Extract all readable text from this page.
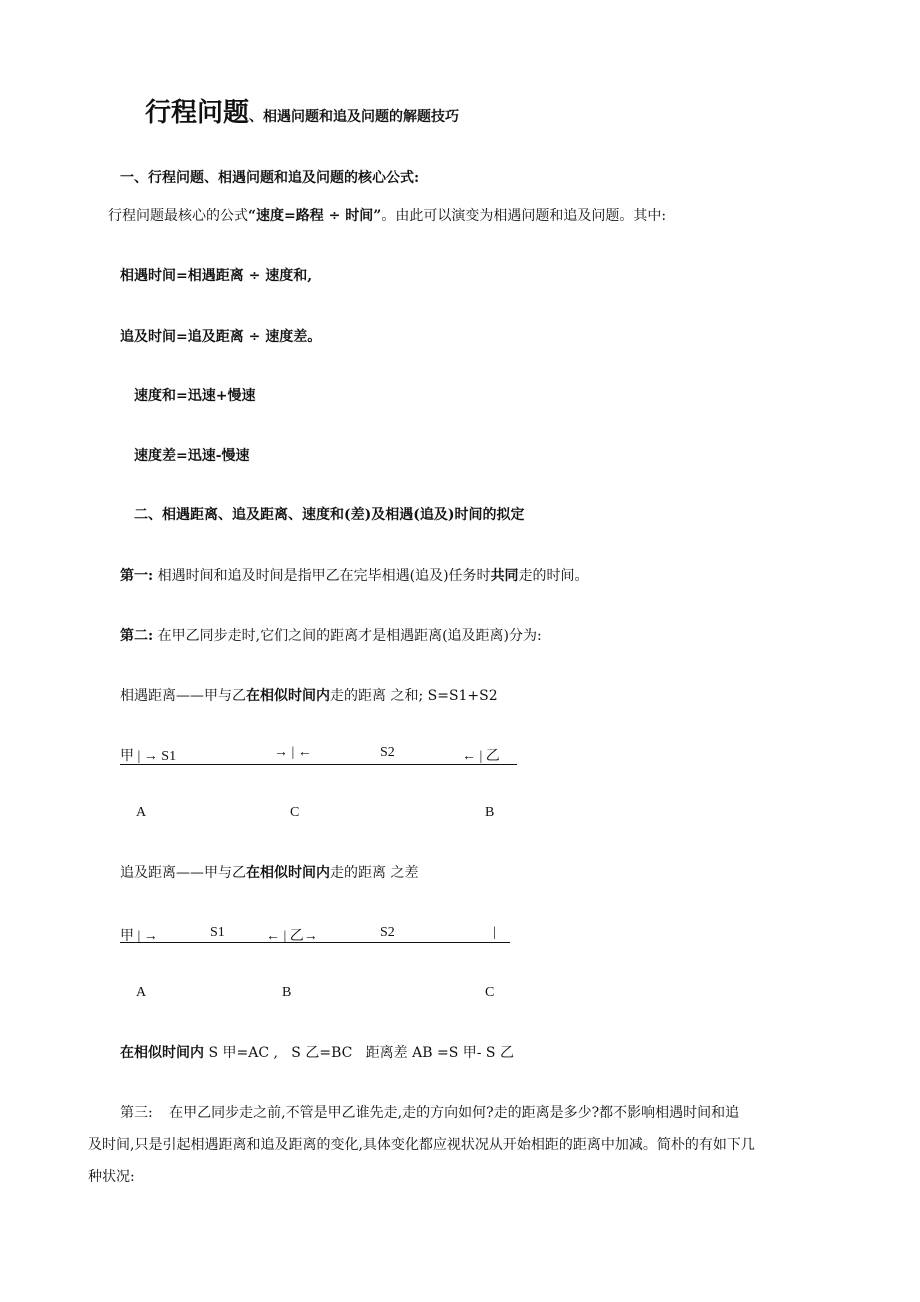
行程问题、相遇问题和追及问题的解题技巧
一、行程问题、相遇问题和追及问题的核心公式:
行程问题最核心的公式“速度=路程 ÷ 时间”。由此可以演变为相遇问题和追及问题。其中:
相遇时间=相遇距离 ÷ 速度和,
追及时间=追及距离 ÷ 速度差。
速度和=迅速+慢速
速度差=迅速-慢速
二、相遇距离、追及距离、速度和(差)及相遇(追及)时间的拟定
第一: 相遇时间和追及时间是指甲乙在完毕相遇(追及)任务时共同走的时间。
第二: 在甲乙同步走时,它们之间的距离才是相遇距离(追及距离)分为:
相遇距离——甲与乙在相似时间内走的距离 之和; S=S1+S2
甲 | → S1	→ | ←	S2	← | 乙
A	C	B
追及距离——甲与乙在相似时间内走的距离 之差
甲 | →	S1	← | 乙→	S2	|
A	B	C
在相似时间内 S 甲=AC ,   S 乙=BC   距离差 AB =S 甲- S 乙
第三: 在甲乙同步走之前,不管是甲乙谁先走,走的方向如何?走的距离是多少?都不影响相遇时间和追
及时间,只是引起相遇距离和追及距离的变化,具体变化都应视状况从开始相距的距离中加减。简朴的有如下几
种状况:
